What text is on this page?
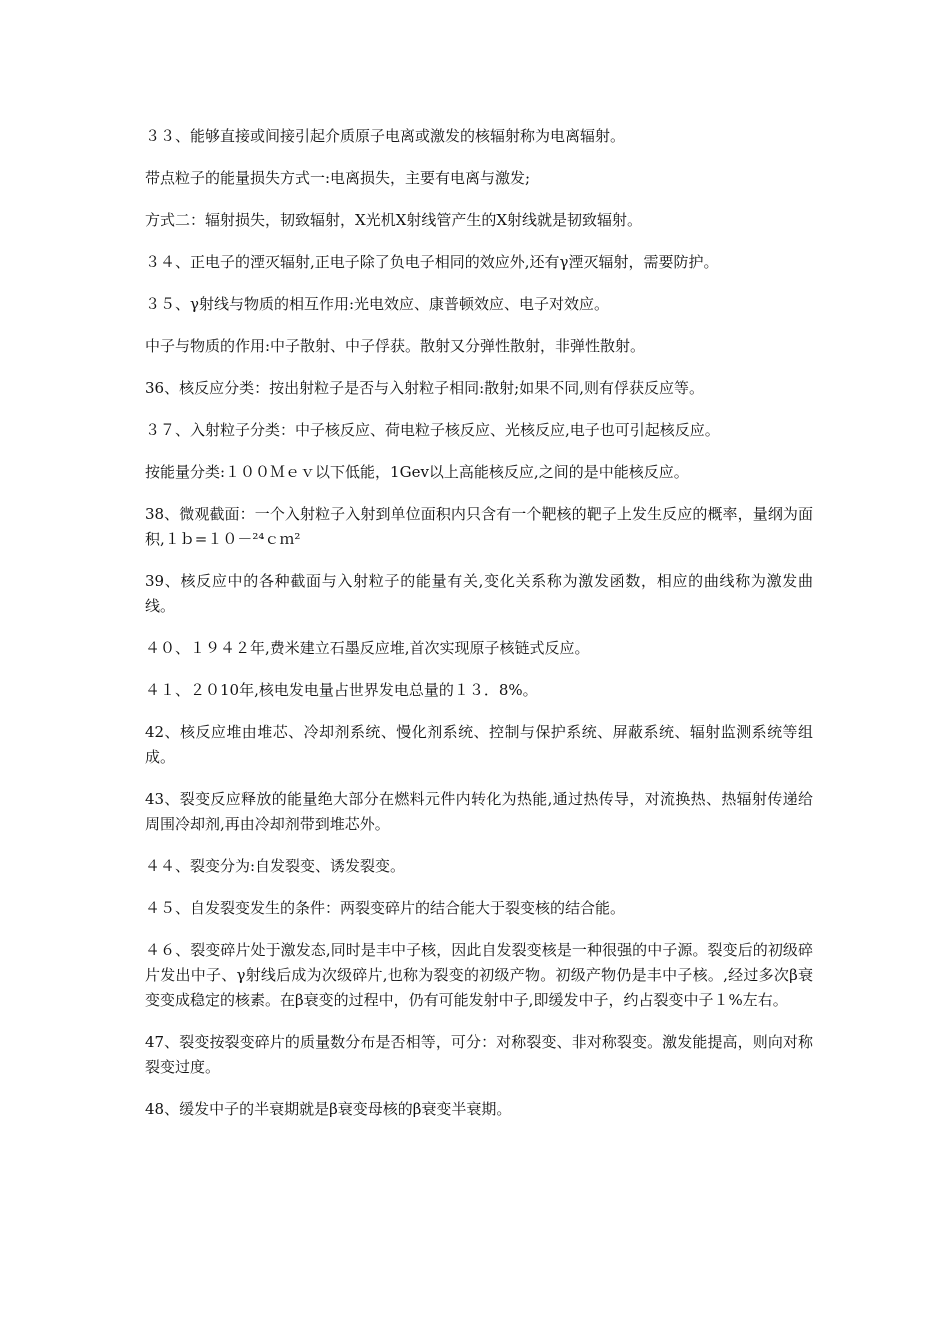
３３、能够直接或间接引起介质原子电离或激发的核辐射称为电离辐射。

带点粒子的能量损失方式一:电离损失，主要有电离与激发;

方式二：辐射损失，韧致辐射，X光机X射线管产生的X射线就是韧致辐射。

３４、正电子的湮灭辐射,正电子除了负电子相同的效应外,还有γ湮灭辐射，需要防护。

３５、γ射线与物质的相互作用:光电效应、康普顿效应、电子对效应。

中子与物质的作用:中子散射、中子俘获。散射又分弹性散射，非弹性散射。

36、核反应分类：按出射粒子是否与入射粒子相同:散射;如果不同,则有俘获反应等。

３７、入射粒子分类：中子核反应、荷电粒子核反应、光核反应,电子也可引起核反应。

按能量分类:１００Ｍｅｖ以下低能，1Gev以上高能核反应,之间的是中能核反应。

38、微观截面：一个入射粒子入射到单位面积内只含有一个靶核的靶子上发生反应的概率，量纲为面积,１ｂ=１０－²⁴ｃｍ²

39、核反应中的各种截面与入射粒子的能量有关,变化关系称为激发函数，相应的曲线称为激发曲线。

４０、１９４２年,费米建立石墨反应堆,首次实现原子核链式反应。

４１、２０10年,核电发电量占世界发电总量的１３．8%。

42、核反应堆由堆芯、冷却剂系统、慢化剂系统、控制与保护系统、屏蔽系统、辐射监测系统等组成。

43、裂变反应释放的能量绝大部分在燃料元件内转化为热能,通过热传导，对流换热、热辐射传递给周围冷却剂,再由冷却剂带到堆芯外。

４４、裂变分为:自发裂变、诱发裂变。

４５、自发裂变发生的条件：两裂变碎片的结合能大于裂变核的结合能。

４６、裂变碎片处于激发态,同时是丰中子核，因此自发裂变核是一种很强的中子源。裂变后的初级碎片发出中子、γ射线后成为次级碎片,也称为裂变的初级产物。初级产物仍是丰中子核。,经过多次β衰变变成稳定的核素。在β衰变的过程中，仍有可能发射中子,即缓发中子，约占裂变中子１%左右。

47、裂变按裂变碎片的质量数分布是否相等，可分：对称裂变、非对称裂变。激发能提高，则向对称裂变过度。

48、缓发中子的半衰期就是β衰变母核的β衰变半衰期。
